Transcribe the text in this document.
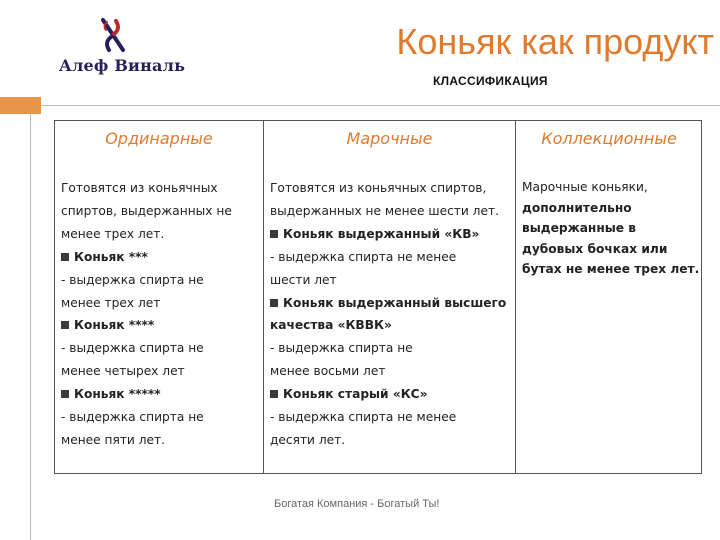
Алеф Виналь
Коньяк как продукт
КЛАССИФИКАЦИЯ
Ординарные

Готовятся из коньячных

спиртов, выдержанных не

менее трех лет.

Коньяк ***

- выдержка спирта не

менее трех лет

Коньяк ****

- выдержка спирта не

менее четырех лет

Коньяк *****

- выдержка спирта не

менее пяти лет.

Марочные

Готовятся из коньячных спиртов,

выдержанных не менее шести лет.

Коньяк выдержанный «КВ»

- выдержка спирта не менее

шести лет

Коньяк выдержанный высшего

качества «КВВК»

- выдержка спирта не

менее восьми лет

Коньяк старый «КС»

- выдержка спирта не менее

десяти лет.

Коллекционные

Марочные коньяки,

дополнительно

выдержанные в

дубовых бочках или

бутах не менее трех лет.

Богатая Компания - Богатый Ты!
